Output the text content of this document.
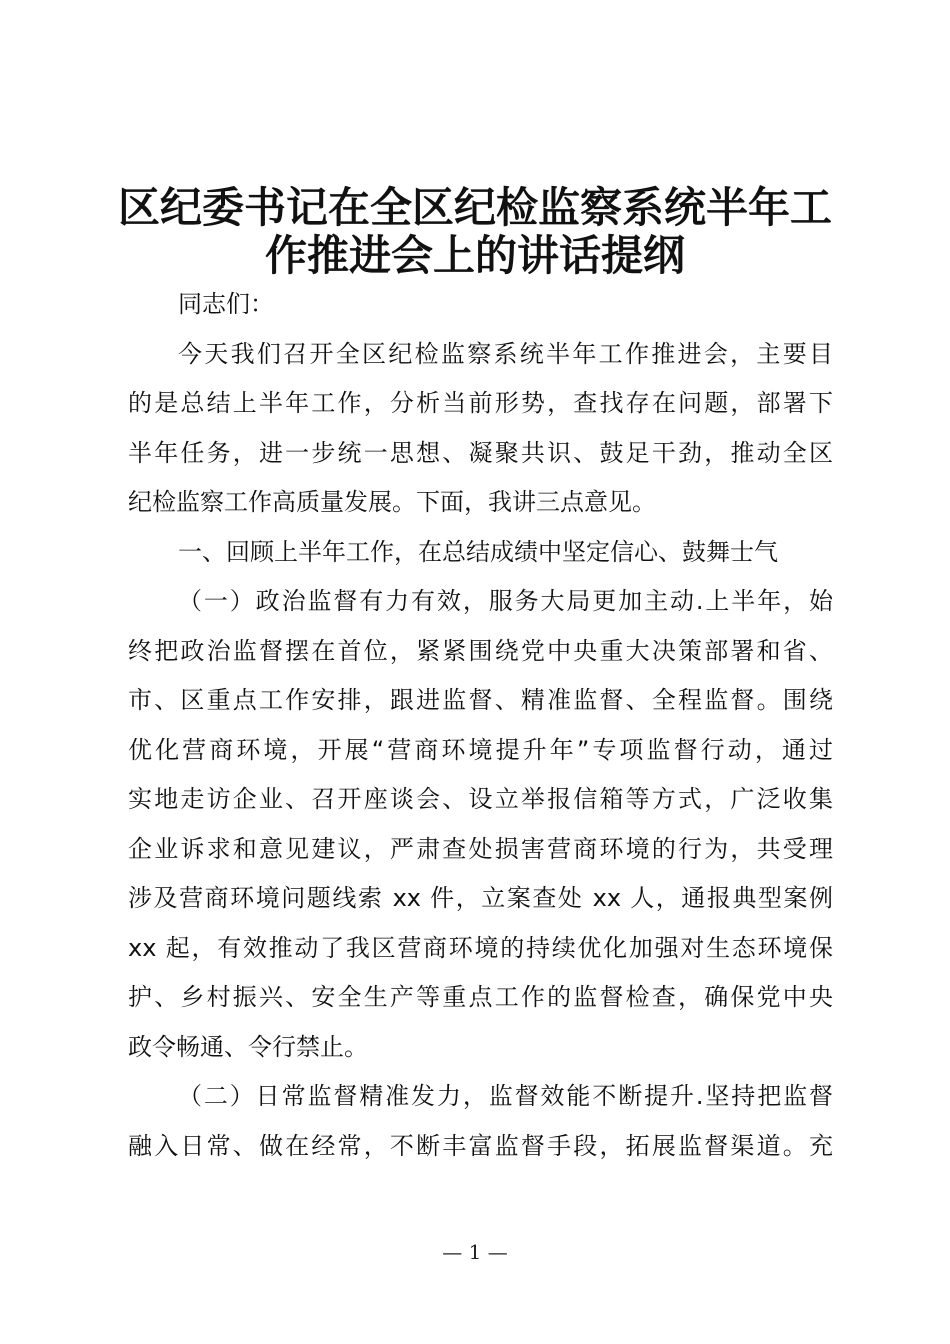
区纪委书记在全区纪检监察系统半年工
作推进会上的讲话提纲
同志们：
今天我们召开全区纪检监察系统半年工作推进会，主要目
的是总结上半年工作，分析当前形势，查找存在问题，部署下
半年任务，进一步统一思想、凝聚共识、鼓足干劲，推动全区
纪检监察工作高质量发展。下面，我讲三点意见。
一、回顾上半年工作，在总结成绩中坚定信心、鼓舞士气
（一）政治监督有力有效，服务大局更加主动.上半年，始
终把政治监督摆在首位，紧紧围绕党中央重大决策部署和省、
市、区重点工作安排，跟进监督、精准监督、全程监督。围绕
优化营商环境，开展“营商环境提升年”专项监督行动，通过
实地走访企业、召开座谈会、设立举报信箱等方式，广泛收集
企业诉求和意见建议，严肃查处损害营商环境的行为，共受理
涉及营商环境问题线索 xx 件，立案查处 xx 人，通报典型案例
xx 起，有效推动了我区营商环境的持续优化加强对生态环境保
护、乡村振兴、安全生产等重点工作的监督检查，确保党中央
政令畅通、令行禁止。
（二）日常监督精准发力，监督效能不断提升.坚持把监督
融入日常、做在经常，不断丰富监督手段，拓展监督渠道。充
— 1 —
